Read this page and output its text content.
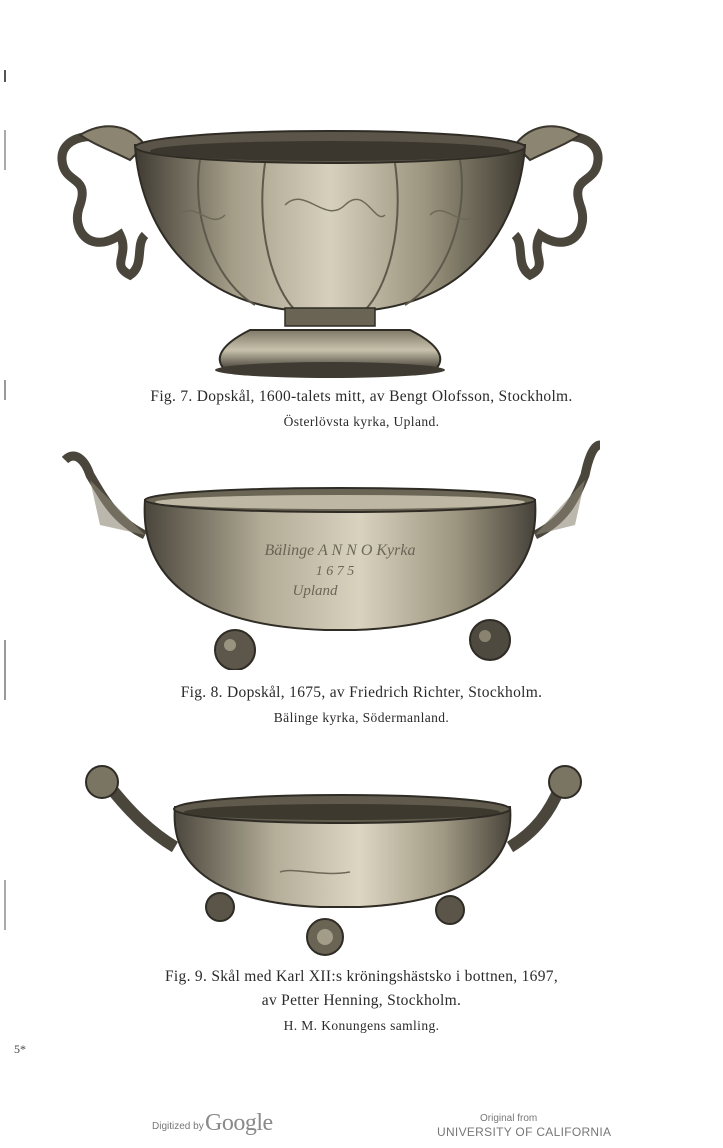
Fig. 7. Dopskål, 1600-talets mitt, av Bengt Olofsson, Stockholm.
Österlövsta kyrka, Upland.
Bälinge A N N O Kyrka
1 6 7 5
Upland
Fig. 8. Dopskål, 1675, av Friedrich Richter, Stockholm.
Bälinge kyrka, Södermanland.
Fig. 9. Skål med Karl XII:s kröningshästsko i bottnen, 1697,
av Petter Henning, Stockholm.
H. M. Konungens samling.
5*
Digitized by Google	Original from
UNIVERSITY OF CALIFORNIA
